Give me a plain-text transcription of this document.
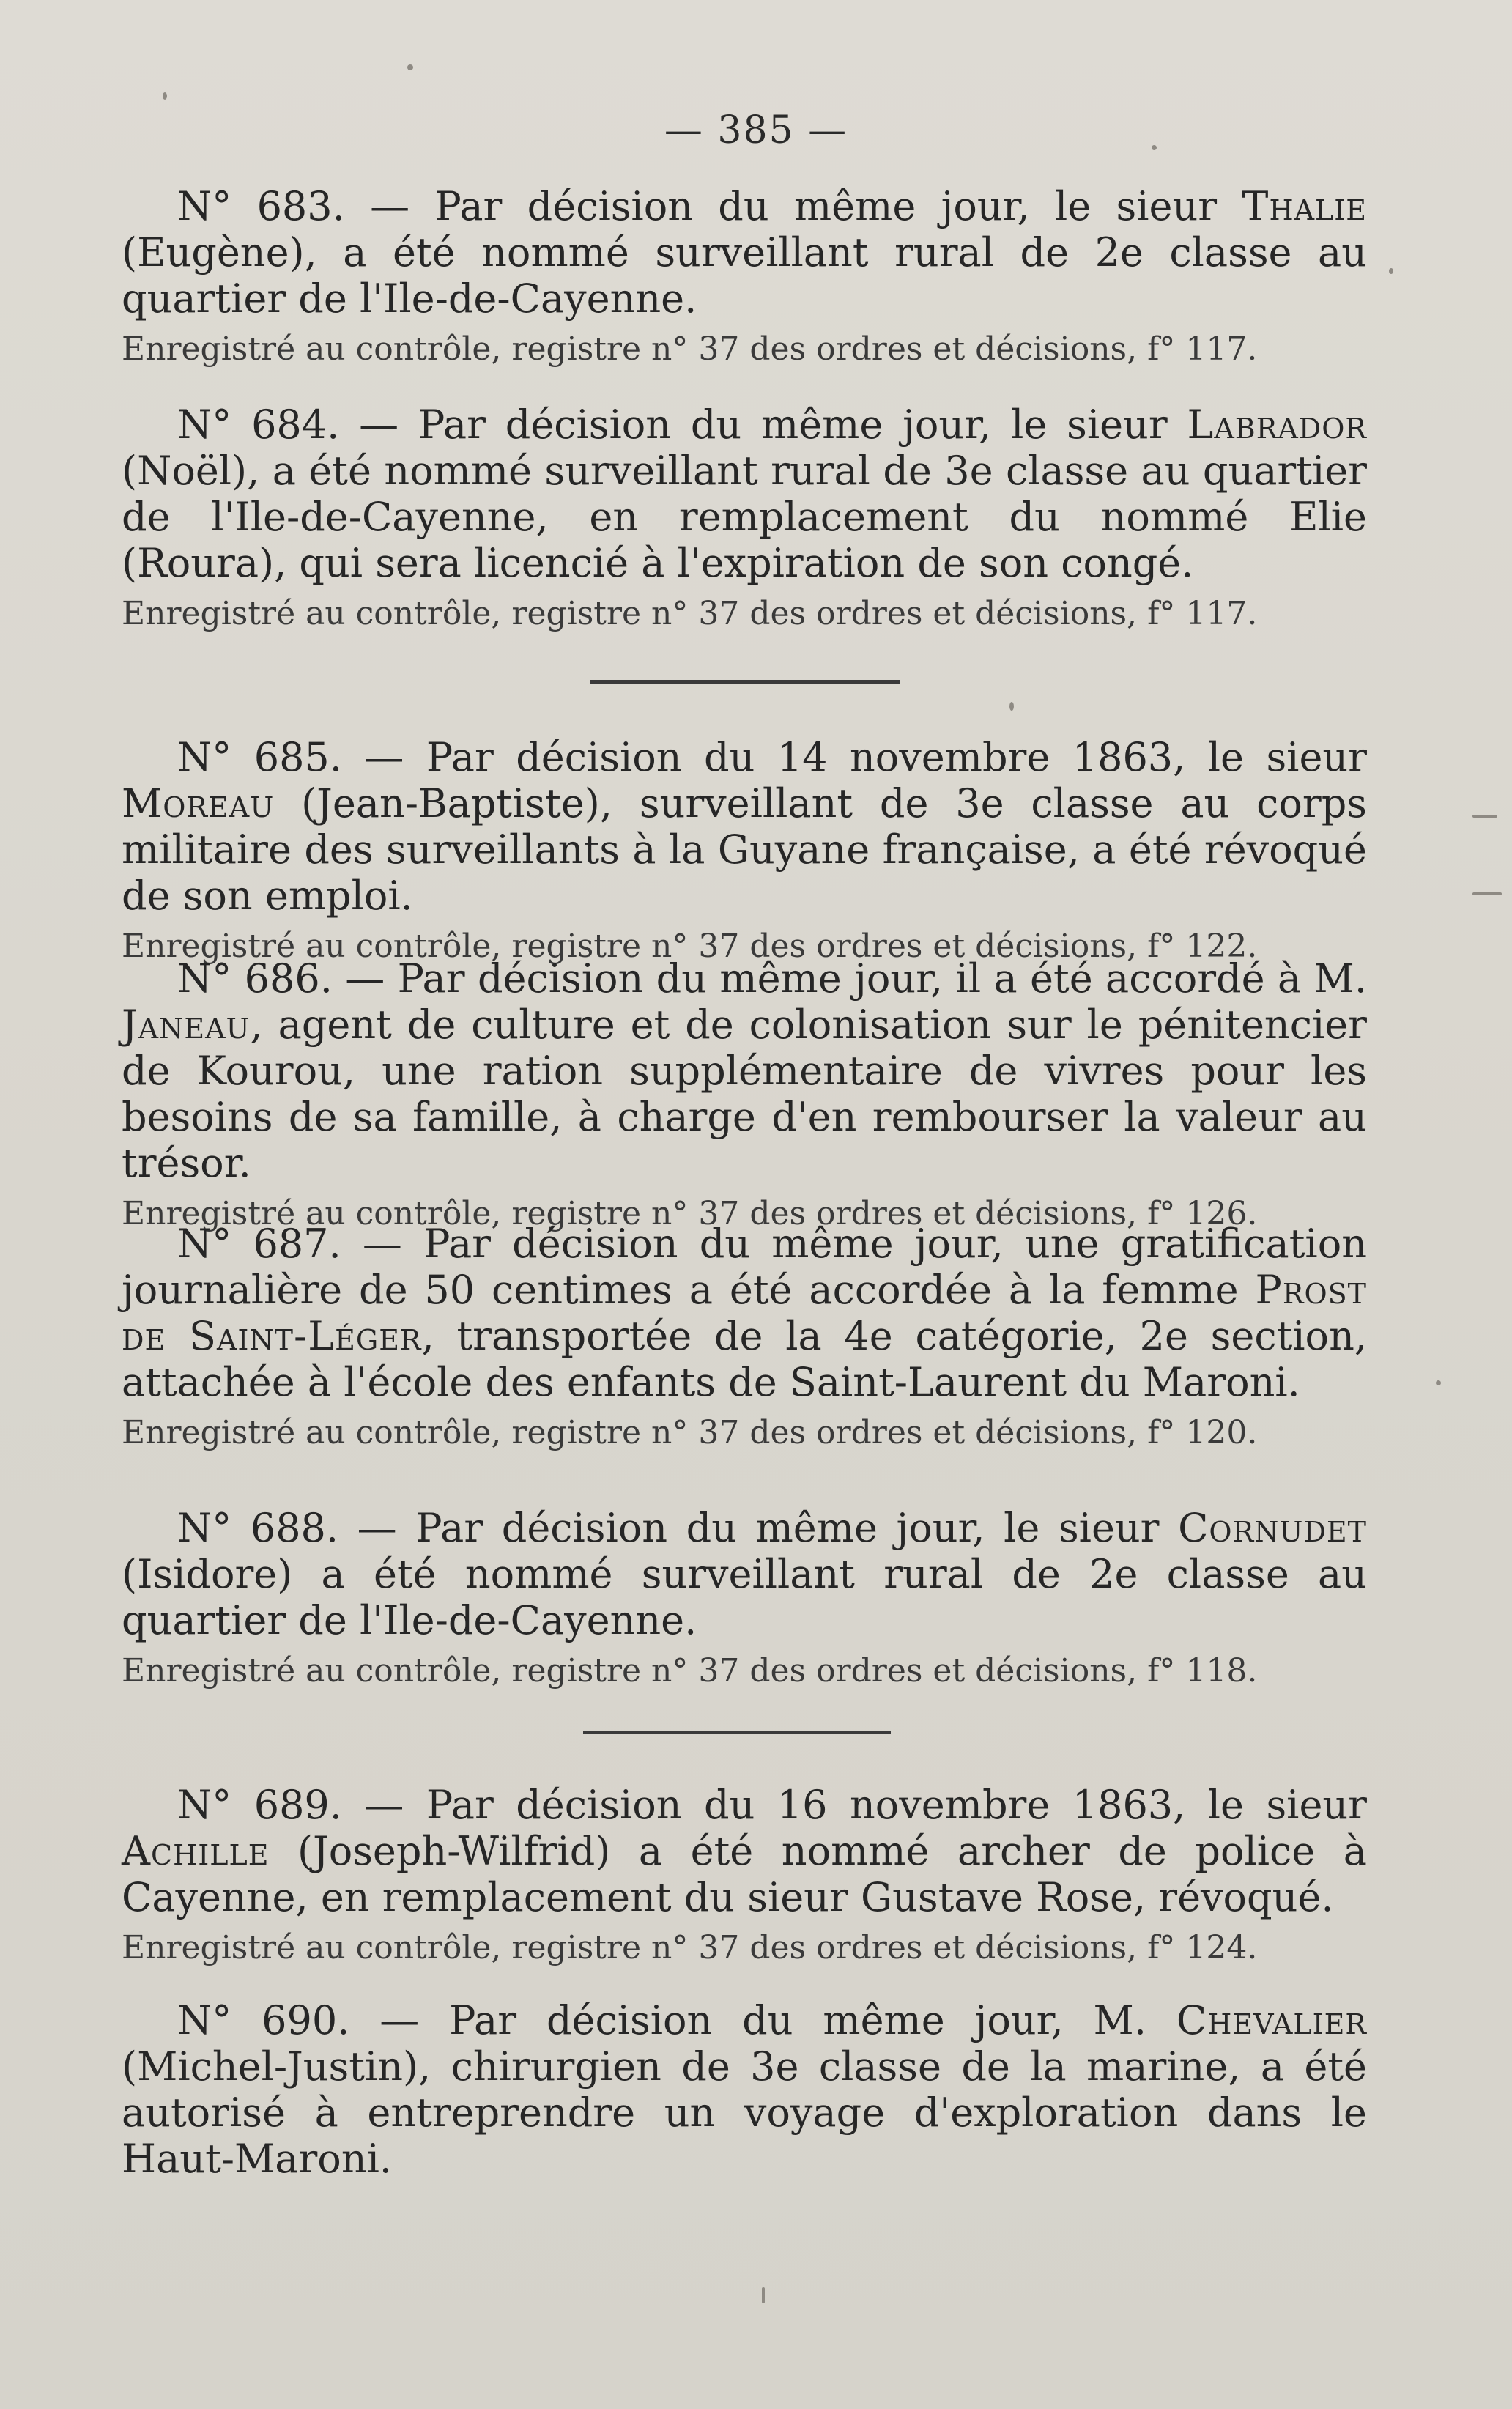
— 385 —
N° 683. — Par décision du même jour, le sieur Thalie (Eugène), a été nommé surveillant rural de 2e classe au quartier de l'Ile-de-Cayenne.
Enregistré au contrôle, registre n° 37 des ordres et décisions, f° 117.
N° 684. — Par décision du même jour, le sieur Labrador (Noël), a été nommé surveillant rural de 3e classe au quartier de l'Ile-de-Cayenne, en remplacement du nommé Elie (Roura), qui sera licencié à l'expiration de son congé.
Enregistré au contrôle, registre n° 37 des ordres et décisions, f° 117.
N° 685. — Par décision du 14 novembre 1863, le sieur Moreau (Jean-Baptiste), surveillant de 3e classe au corps militaire des surveillants à la Guyane française, a été révoqué de son emploi.
Enregistré au contrôle, registre n° 37 des ordres et décisions, f° 122.
N° 686. — Par décision du même jour, il a été accordé à M. Janeau, agent de culture et de colonisation sur le pénitencier de Kourou, une ration supplémentaire de vivres pour les besoins de sa famille, à charge d'en rembourser la valeur au trésor.
Enregistré au contrôle, registre n° 37 des ordres et décisions, f° 126.
N° 687. — Par décision du même jour, une gratification journalière de 50 centimes a été accordée à la femme Prost de Saint-Léger, transportée de la 4e catégorie, 2e section, attachée à l'école des enfants de Saint-Laurent du Maroni.
Enregistré au contrôle, registre n° 37 des ordres et décisions, f° 120.
N° 688. — Par décision du même jour, le sieur Cornudet (Isidore) a été nommé surveillant rural de 2e classe au quartier de l'Ile-de-Cayenne.
Enregistré au contrôle, registre n° 37 des ordres et décisions, f° 118.
N° 689. — Par décision du 16 novembre 1863, le sieur Achille (Joseph-Wilfrid) a été nommé archer de police à Cayenne, en remplacement du sieur Gustave Rose, révoqué.
Enregistré au contrôle, registre n° 37 des ordres et décisions, f° 124.
N° 690. — Par décision du même jour, M. Chevalier (Michel-Justin), chirurgien de 3e classe de la marine, a été autorisé à entreprendre un voyage d'exploration dans le Haut-Maroni.
